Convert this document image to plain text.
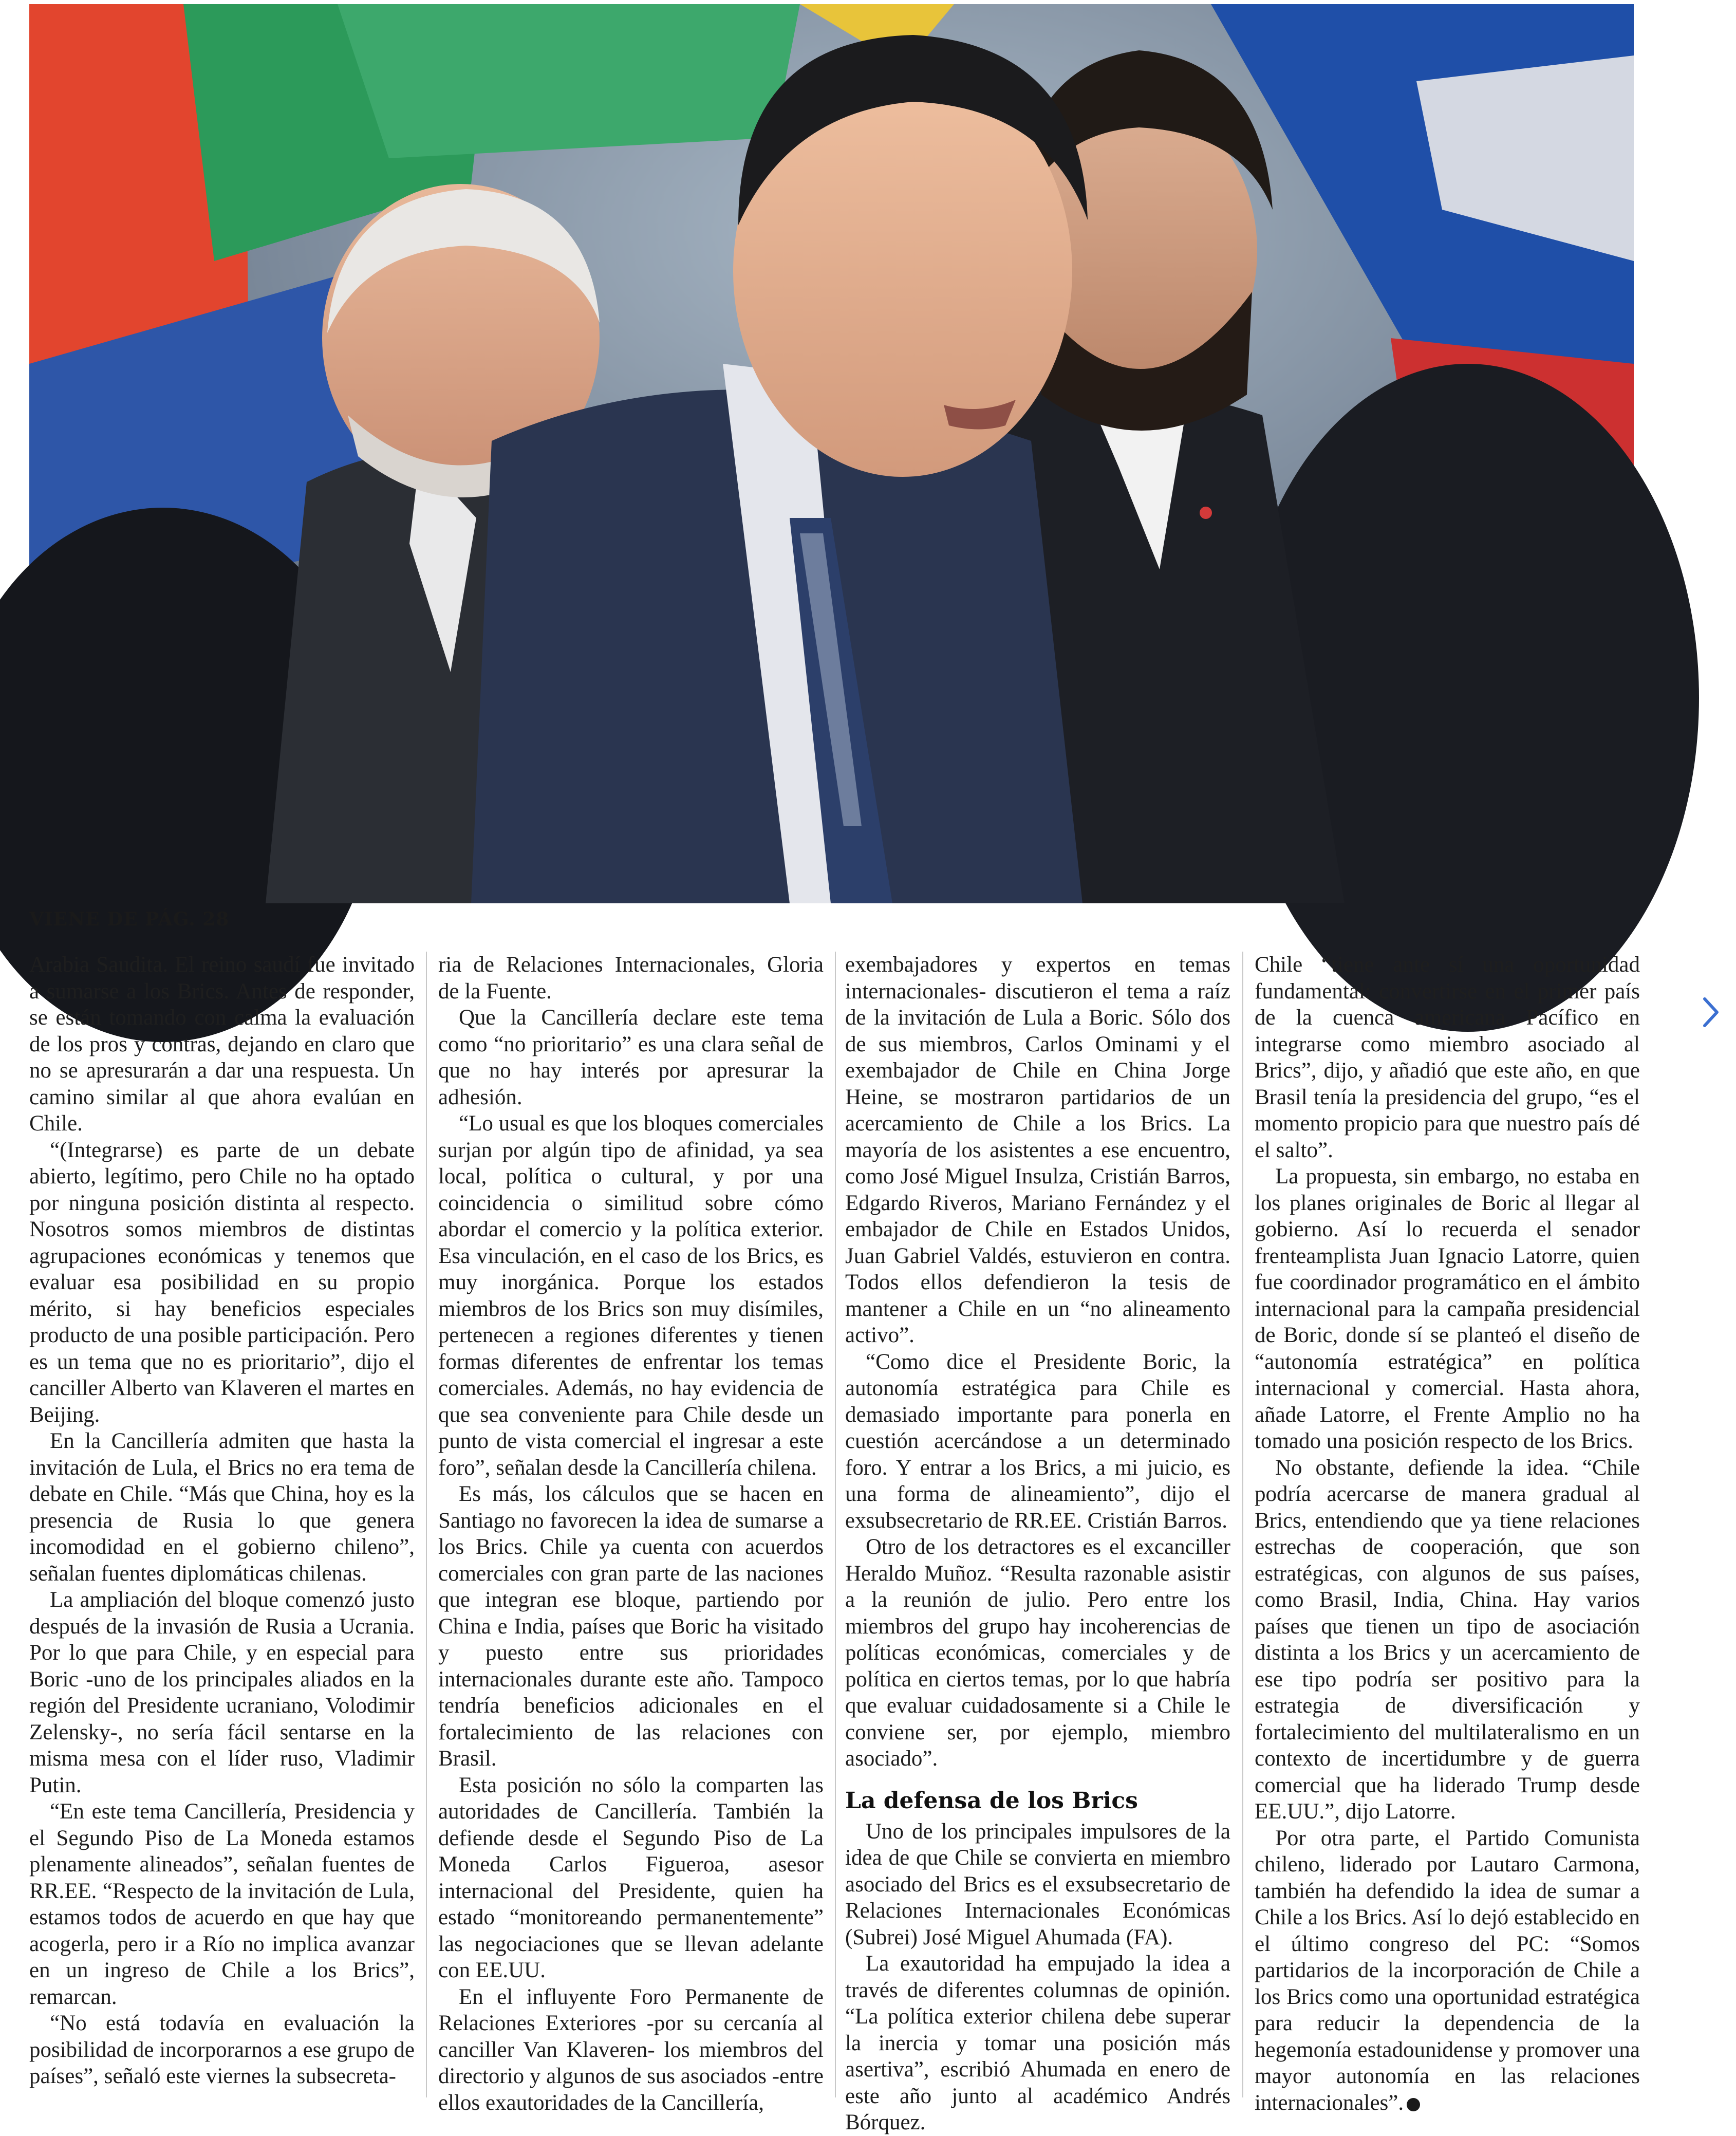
VIENE DE PÁG. 28

Arabia Saudita. El reino saudí fue invitado a sumarse a los Brics. Antes de responder, se están tomando con calma la evaluación de los pros y contras, dejando en claro que no se apresurarán a dar una respuesta. Un camino similar al que ahora evalúan en Chile.

“(Integrarse) es parte de un debate abierto, legítimo, pero Chile no ha optado por ninguna posición distinta al respecto. Nosotros somos miembros de distintas agrupaciones económicas y tenemos que evaluar esa posibilidad en su propio mérito, si hay beneficios especiales producto de una posible participación. Pero es un tema que no es prioritario”, dijo el canciller Alberto van Klaveren el martes en Beijing.

En la Cancillería admiten que hasta la invitación de Lula, el Brics no era tema de debate en Chile. “Más que China, hoy es la presencia de Rusia lo que genera incomodidad en el gobierno chileno”, señalan fuentes diplomáticas chilenas.

La ampliación del bloque comenzó justo después de la invasión de Rusia a Ucrania. Por lo que para Chile, y en especial para Boric -uno de los principales aliados en la región del Presidente ucraniano, Volodimir Zelensky-, no sería fácil sentarse en la misma mesa con el líder ruso, Vladimir Putin.

“En este tema Cancillería, Presidencia y el Segundo Piso de La Moneda estamos plenamente alineados”, señalan fuentes de RR.EE. “Respecto de la invitación de Lula, estamos todos de acuerdo en que hay que acogerla, pero ir a Río no implica avanzar en un ingreso de Chile a los Brics”, remarcan.

“No está todavía en evaluación la posibilidad de incorporarnos a ese grupo de países”, señaló este viernes la subsecreta-

ria de Relaciones Internacionales, Gloria de la Fuente.

Que la Cancillería declare este tema como “no prioritario” es una clara señal de que no hay interés por apresurar la adhesión.

“Lo usual es que los bloques comerciales surjan por algún tipo de afinidad, ya sea local, política o cultural, y por una coincidencia o similitud sobre cómo abordar el comercio y la política exterior. Esa vinculación, en el caso de los Brics, es muy inorgánica. Porque los estados miembros de los Brics son muy disímiles, pertenecen a regiones diferentes y tienen formas diferentes de enfrentar los temas comerciales. Además, no hay evidencia de que sea conveniente para Chile desde un punto de vista comercial el ingresar a este foro”, señalan desde la Cancillería chilena.

Es más, los cálculos que se hacen en Santiago no favorecen la idea de sumarse a los Brics. Chile ya cuenta con acuerdos comerciales con gran parte de las naciones que integran ese bloque, partiendo por China e India, países que Boric ha visitado y puesto entre sus prioridades internacionales durante este año. Tampoco tendría beneficios adicionales en el fortalecimiento de las relaciones con Brasil.

Esta posición no sólo la comparten las autoridades de Cancillería. También la defiende desde el Segundo Piso de La Moneda Carlos Figueroa, asesor internacional del Presidente, quien ha estado “monitoreando permanentemente” las negociaciones que se llevan adelante con EE.UU.

En el influyente Foro Permanente de Relaciones Exteriores -por su cercanía al canciller Van Klaveren- los miembros del directorio y algunos de sus asociados -entre ellos exautoridades de la Cancillería,

exembajadores y expertos en temas internacionales- discutieron el tema a raíz de la invitación de Lula a Boric. Sólo dos de sus miembros, Carlos Ominami y el exembajador de Chile en China Jorge Heine, se mostraron partidarios de un acercamiento de Chile a los Brics. La mayoría de los asistentes a ese encuentro, como José Miguel Insulza, Cristián Barros, Edgardo Riveros, Mariano Fernández y el embajador de Chile en Estados Unidos, Juan Gabriel Valdés, estuvieron en contra. Todos ellos defendieron la tesis de mantener a Chile en un “no alineamento activo”.

“Como dice el Presidente Boric, la autonomía estratégica para Chile es demasiado importante para ponerla en cuestión acercándose a un determinado foro. Y entrar a los Brics, a mi juicio, es una forma de alineamiento”, dijo el exsubsecretario de RR.EE. Cristián Barros.

Otro de los detractores es el excanciller Heraldo Muñoz. “Resulta razonable asistir a la reunión de julio. Pero entre los miembros del grupo hay incoherencias de políticas económicas, comerciales y de política en ciertos temas, por lo que habría que evaluar cuidadosamente si a Chile le conviene ser, por ejemplo, miembro asociado”.

La defensa de los Brics

Uno de los principales impulsores de la idea de que Chile se convierta en miembro asociado del Brics es el exsubsecretario de Relaciones Internacionales Económicas (Subrei) José Miguel Ahumada (FA).

La exautoridad ha empujado la idea a través de diferentes columnas de opinión. “La política exterior chilena debe superar la inercia y tomar una posición más asertiva”, escribió Ahumada en enero de este año junto al académico Andrés Bórquez.

Chile “tiene ante sí una oportunidad fundamental: convertirse en el primer país de la cuenca americana Pacífico en integrarse como miembro asociado al Brics”, dijo, y añadió que este año, en que Brasil tenía la presidencia del grupo, “es el momento propicio para que nuestro país dé el salto”.

La propuesta, sin embargo, no estaba en los planes originales de Boric al llegar al gobierno. Así lo recuerda el senador frenteamplista Juan Ignacio Latorre, quien fue coordinador programático en el ámbito internacional para la campaña presidencial de Boric, donde sí se planteó el diseño de “autonomía estratégica” en política internacional y comercial. Hasta ahora, añade Latorre, el Frente Amplio no ha tomado una posición respecto de los Brics.

No obstante, defiende la idea. “Chile podría acercarse de manera gradual al Brics, entendiendo que ya tiene relaciones estrechas de cooperación, que son estratégicas, con algunos de sus países, como Brasil, India, China. Hay varios países que tienen un tipo de asociación distinta a los Brics y un acercamiento de ese tipo podría ser positivo para la estrategia de diversificación y fortalecimiento del multilateralismo en un contexto de incertidumbre y de guerra comercial que ha liderado Trump desde EE.UU.”, dijo Latorre.

Por otra parte, el Partido Comunista chileno, liderado por Lautaro Carmona, también ha defendido la idea de sumar a Chile a los Brics. Así lo dejó establecido en el último congreso del PC: “Somos partidarios de la incorporación de Chile a los Brics como una oportunidad estratégica para reducir la dependencia de la hegemonía estadounidense y promover una mayor autonomía en las relaciones internacionales”.	●
